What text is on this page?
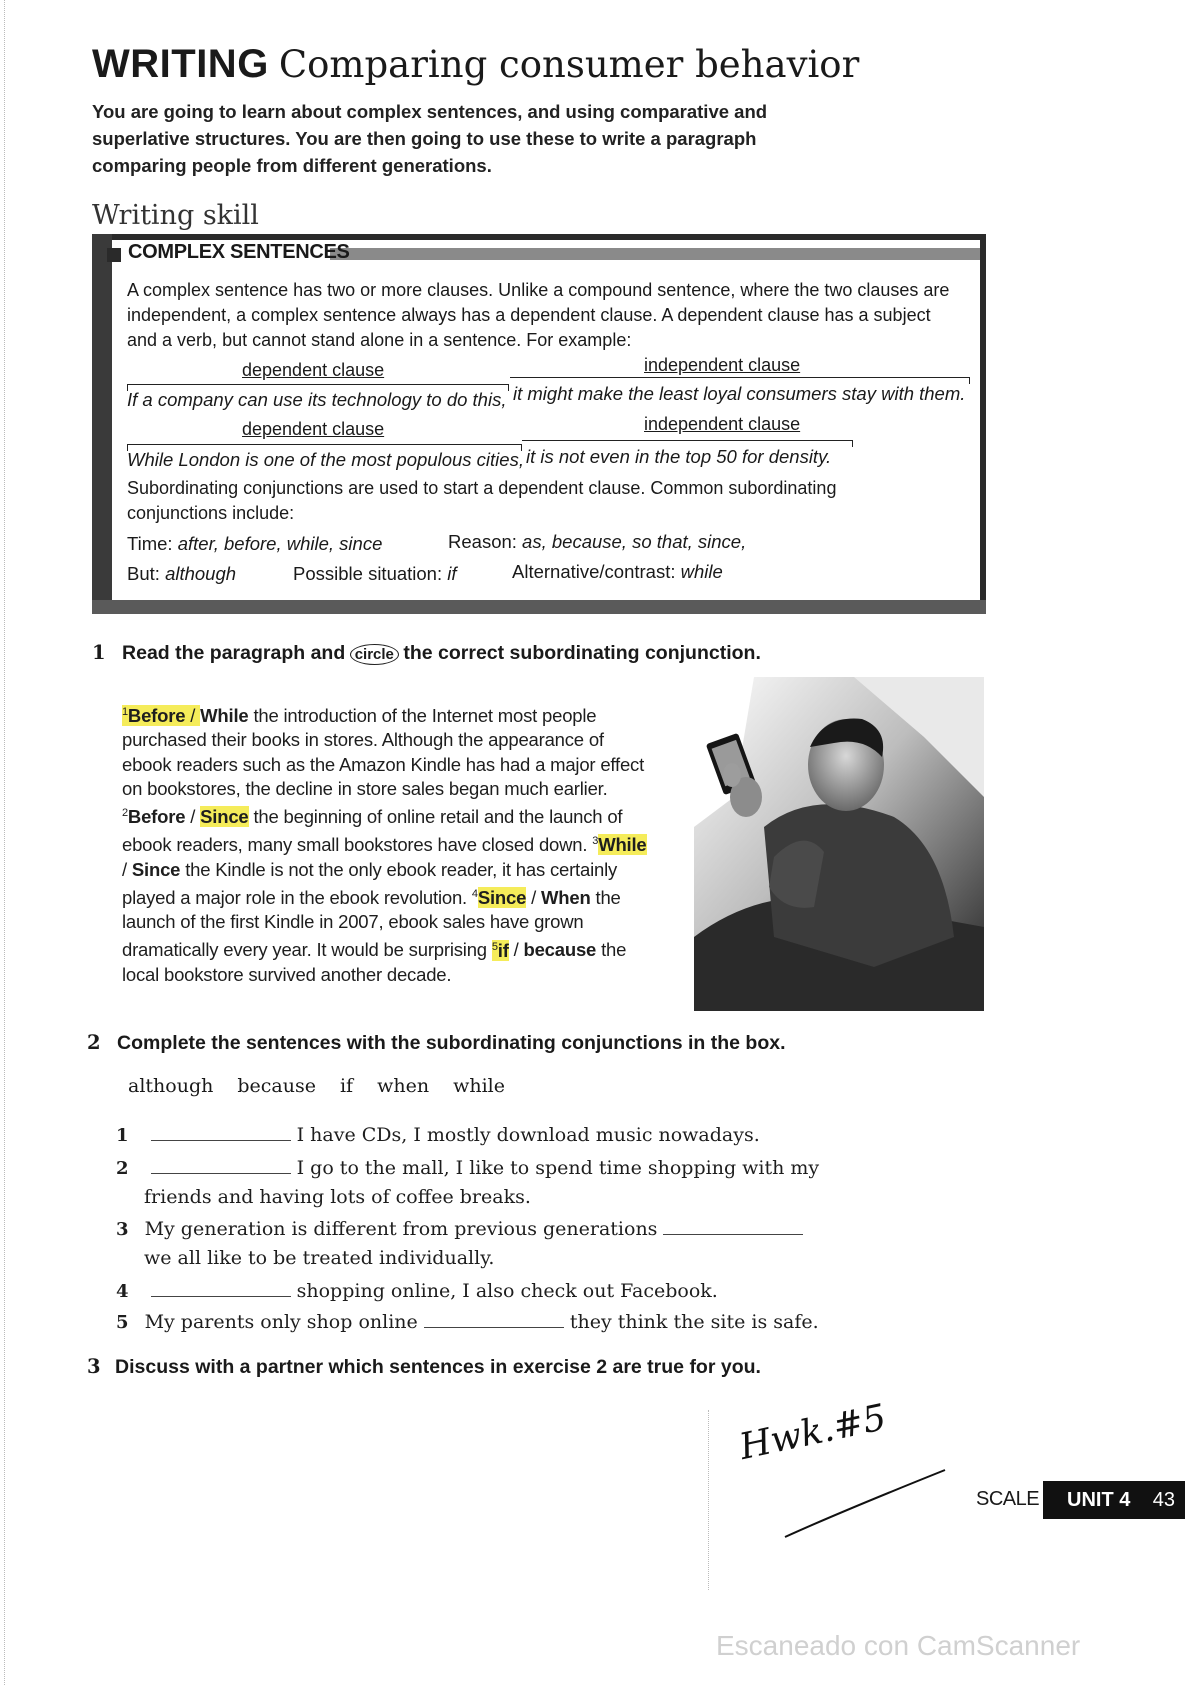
WRITING Comparing consumer behavior
You are going to learn about complex sentences, and using comparative and superlative structures. You are then going to use these to write a paragraph comparing people from different generations.
Writing skill
COMPLEX SENTENCES
A complex sentence has two or more clauses. Unlike a compound sentence, where the two clauses are independent, a complex sentence always has a dependent clause. A dependent clause has a subject and a verb, but cannot stand alone in a sentence. For example:
dependent clause	independent clause
If a company can use its technology to do this, it might make the least loyal consumers stay with them.
dependent clause	independent clause
While London is one of the most populous cities, it is not even in the top 50 for density.
Subordinating conjunctions are used to start a dependent clause. Common subordinating conjunctions include:
Time: after, before, while, since	Reason: as, because, so that, since,
But: although	Possible situation: if	Alternative/contrast: while
1 Read the paragraph and circle the correct subordinating conjunction.
$^1$Before / While the introduction of the Internet most people purchased their books in stores. Although the appearance of ebook readers such as the Amazon Kindle has had a major effect on bookstores, the decline in store sales began much earlier. $^2$Before / Since the beginning of online retail and the launch of ebook readers, many small bookstores have closed down. $^3$While / Since the Kindle is not the only ebook reader, it has certainly played a major role in the ebook revolution. $^4$Since / When the launch of the first Kindle in 2007, ebook sales have grown dramatically every year. It would be surprising $^5$if / because the local bookstore survived another decade.
2 Complete the sentences with the subordinating conjunctions in the box.
although because if when while
1	I have CDs, I mostly download music nowadays.
2	I go to the mall, I like to spend time shopping with my
friends and having lots of coffee breaks.
3 My generation is different from previous generations
we all like to be treated individually.
4	shopping online, I also check out Facebook.
5 My parents only shop online	they think the site is safe.
3 Discuss with a partner which sentences in exercise 2 are true for you.
Hwk.#5
SCALE UNIT 4 43
Escaneado con CamScanner
